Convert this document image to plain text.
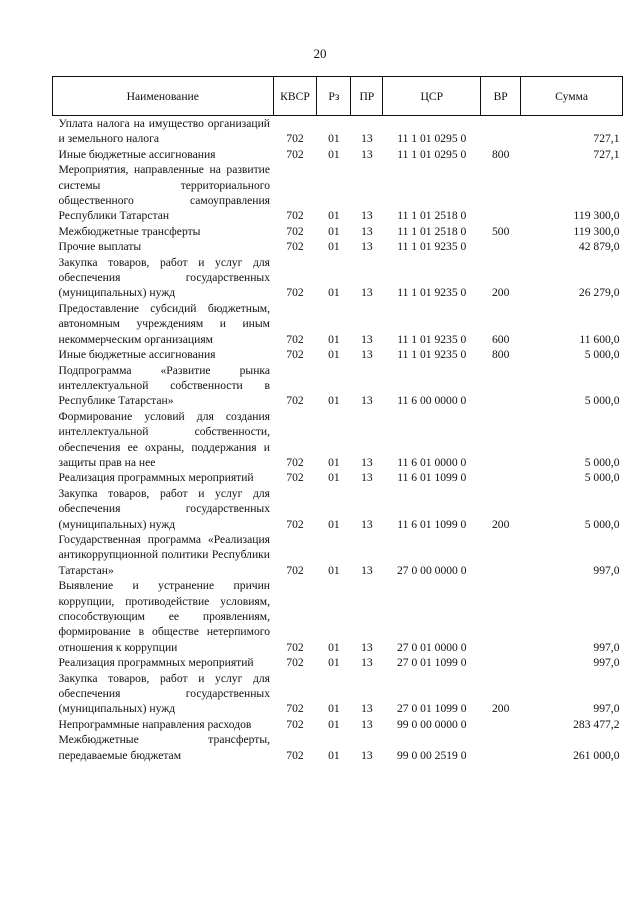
20
Наименование	КВСР	Рз	ПР	ЦСР	ВР	Сумма
Уплата налога на имущество организаций и земельного налога	702	01	13	11 1 01 0295 0		727,1
Иные бюджетные ассигнования	702	01	13	11 1 01 0295 0	800	727,1
Мероприятия, направленные на развитие системы территориального общественного самоуправления Республики Татарстан	702	01	13	11 1 01 2518 0		119 300,0
Межбюджетные трансферты	702	01	13	11 1 01 2518 0	500	119 300,0
Прочие выплаты	702	01	13	11 1 01 9235 0		42 879,0
Закупка товаров, работ и услуг для обеспечения государственных (муниципальных) нужд	702	01	13	11 1 01 9235 0	200	26 279,0
Предоставление субсидий бюджетным, автономным учреждениям и иным некоммерческим организациям	702	01	13	11 1 01 9235 0	600	11 600,0
Иные бюджетные ассигнования	702	01	13	11 1 01 9235 0	800	5 000,0
Подпрограмма «Развитие рынка интеллектуальной собственности в Республике Татарстан»	702	01	13	11 6 00 0000 0		5 000,0
Формирование условий для создания интеллектуальной собственности, обеспечения ее охраны, поддержания и защиты прав на нее	702	01	13	11 6 01 0000 0		5 000,0
Реализация программных мероприятий	702	01	13	11 6 01 1099 0		5 000,0
Закупка товаров, работ и услуг для обеспечения государственных (муниципальных) нужд	702	01	13	11 6 01 1099 0	200	5 000,0
Государственная программа «Реализация антикоррупционной политики Республики Татарстан»	702	01	13	27 0 00 0000 0		997,0
Выявление и устранение причин коррупции, противодействие условиям, способствующим ее проявлениям, формирование в обществе нетерпимого отношения к коррупции	702	01	13	27 0 01 0000 0		997,0
Реализация программных мероприятий	702	01	13	27 0 01 1099 0		997,0
Закупка товаров, работ и услуг для обеспечения государственных (муниципальных) нужд	702	01	13	27 0 01 1099 0	200	997,0
Непрограммные направления расходов	702	01	13	99 0 00 0000 0		283 477,2
Межбюджетные трансферты, передаваемые бюджетам	702	01	13	99 0 00 2519 0		261 000,0
